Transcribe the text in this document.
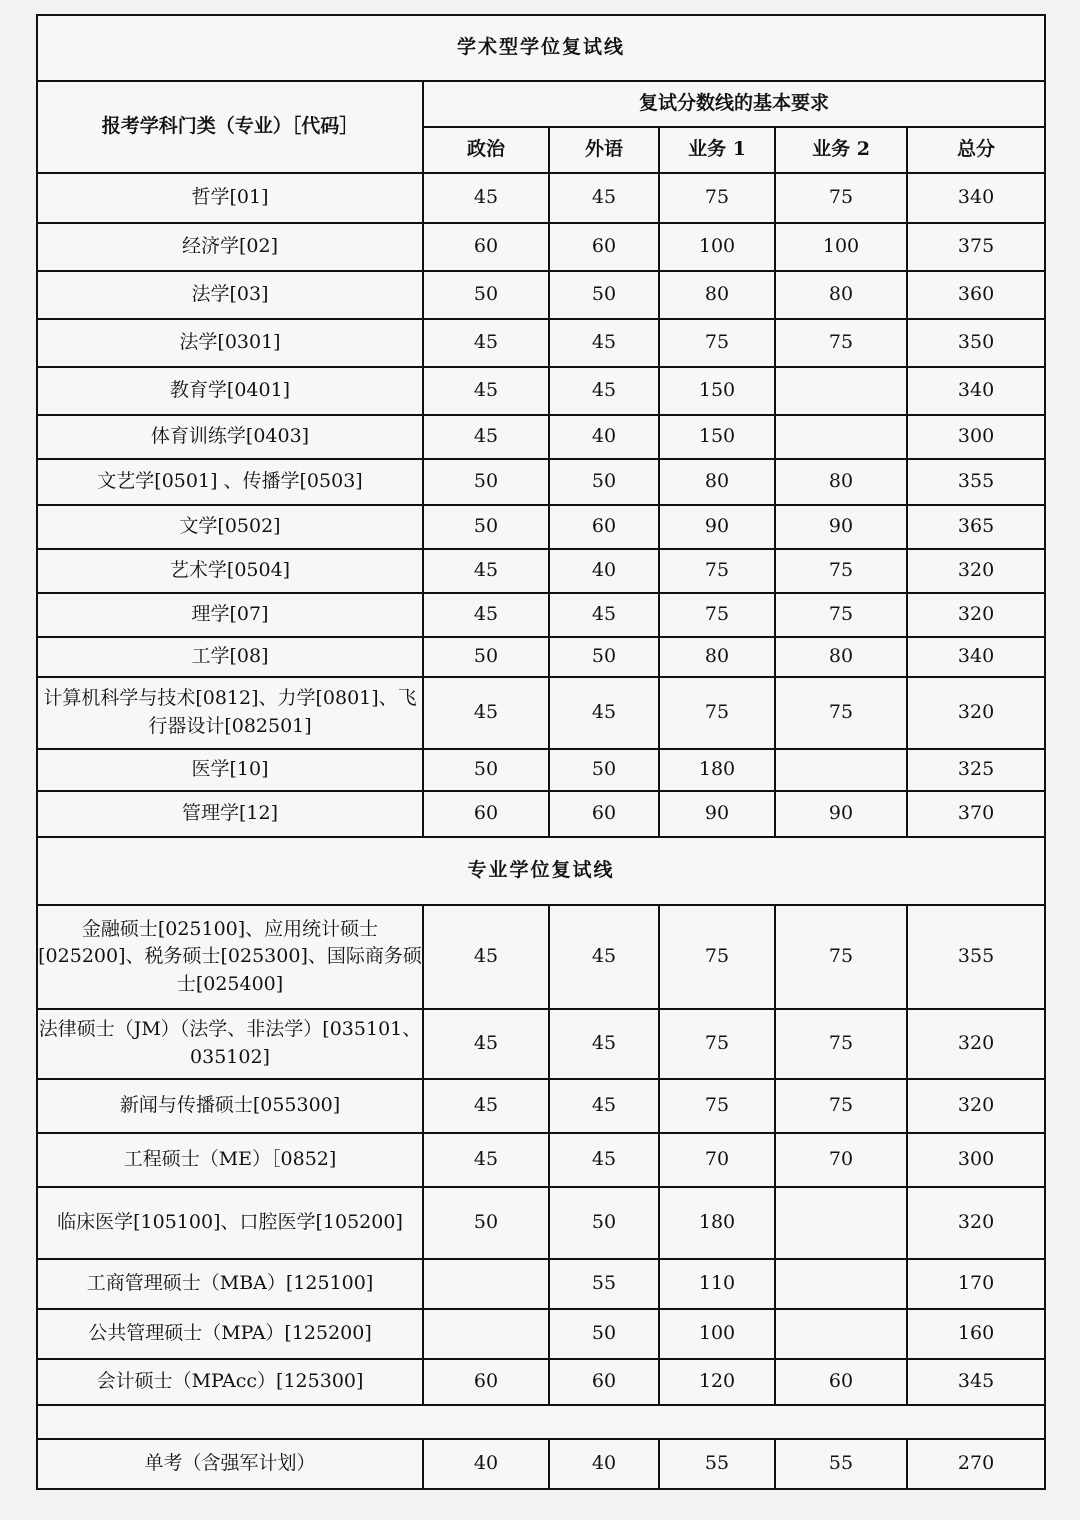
学术型学位复试线					
报考学科门类（专业）［代码］	复试分数线的基本要求				
	政治	外语	业务 1	业务 2	总分
哲学[01]	45	45	75	75	340
经济学[02]	60	60	100	100	375
法学[03]	50	50	80	80	360
法学[0301]	45	45	75	75	350
教育学[0401]	45	45	150		340
体育训练学[0403]	45	40	150		300
文艺学[0501] 、传播学[0503]	50	50	80	80	355
文学[0502]	50	60	90	90	365
艺术学[0504]	45	40	75	75	320
理学[07]	45	45	75	75	320
工学[08]	50	50	80	80	340
计算机科学与技术[0812]、力学[0801]、飞行器设计[082501]	45	45	75	75	320
医学[10]	50	50	180		325
管理学[12]	60	60	90	90	370
专业学位复试线					
金融硕士[025100]、应用统计硕士[025200]、税务硕士[025300]、国际商务硕士[025400]	45	45	75	75	355
法律硕士（JM）（法学、非法学）[035101、035102]	45	45	75	75	320
新闻与传播硕士[055300]	45	45	75	75	320
工程硕士（ME）［0852]	45	45	70	70	300
临床医学[105100]、口腔医学[105200]	50	50	180		320
工商管理硕士（MBA）[125100]		55	110		170
公共管理硕士（MPA）[125200]		50	100		160
会计硕士（MPAcc）[125300]	60	60	120	60	345

单考（含强军计划）	40	40	55	55	270
